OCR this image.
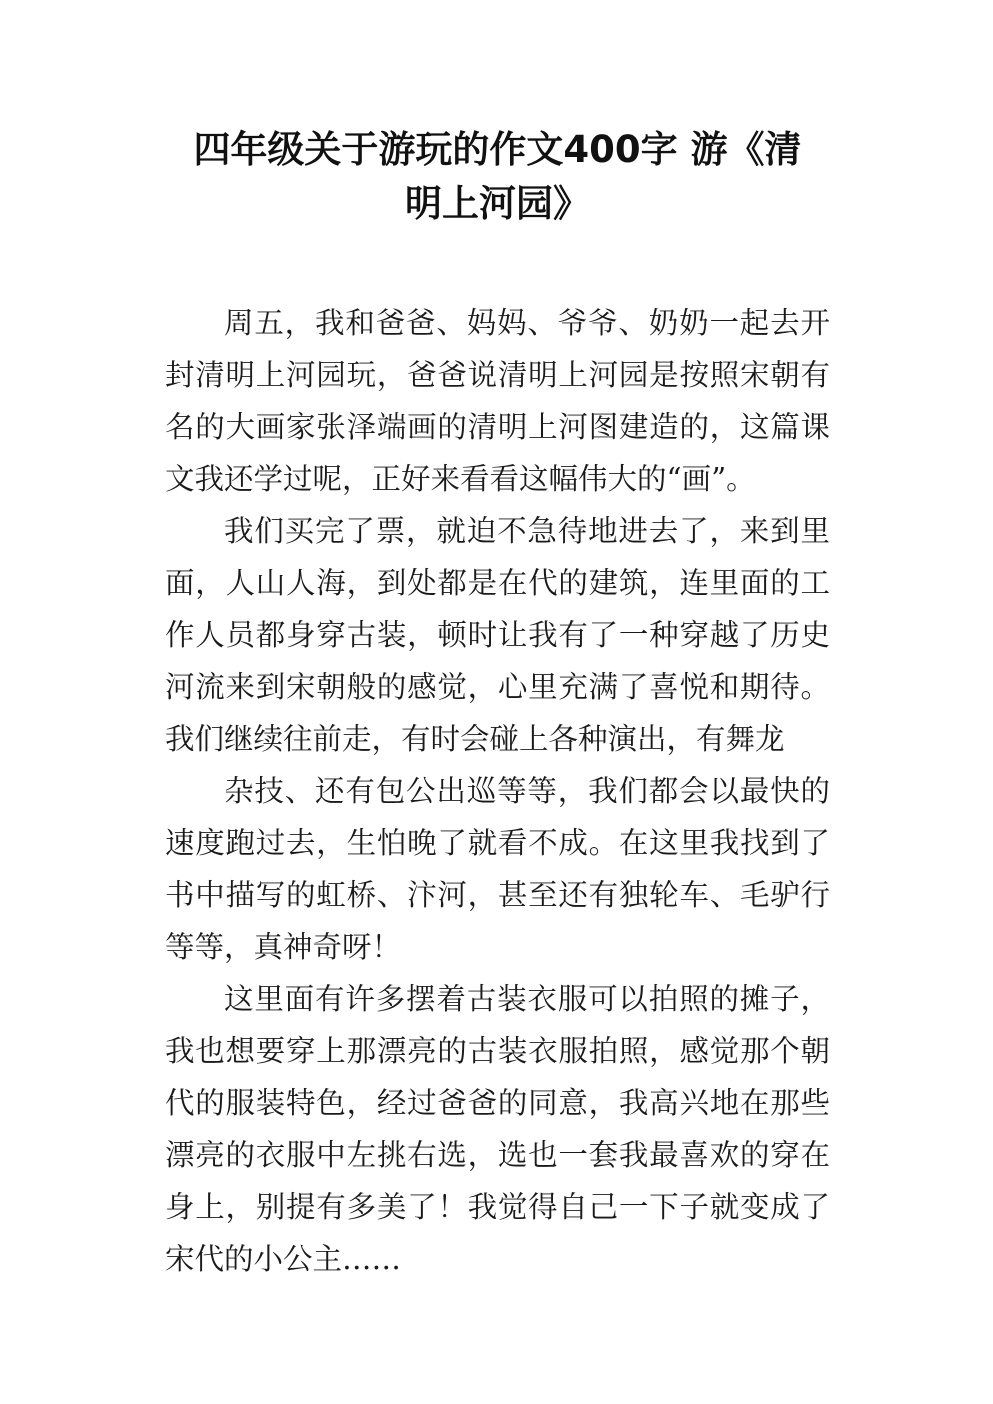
四年级关于游玩的作文400字 游《清
明上河园》
周五，我和爸爸、妈妈、爷爷、奶奶一起去开
封清明上河园玩，爸爸说清明上河园是按照宋朝有
名的大画家张泽端画的清明上河图建造的，这篇课
文我还学过呢，正好来看看这幅伟大的“画”。
我们买完了票，就迫不急待地进去了，来到里
面，人山人海，到处都是在代的建筑，连里面的工
作人员都身穿古装，顿时让我有了一种穿越了历史
河流来到宋朝般的感觉，心里充满了喜悦和期待。
我们继续往前走，有时会碰上各种演出，有舞龙
杂技、还有包公出巡等等，我们都会以最快的
速度跑过去，生怕晚了就看不成。在这里我找到了
书中描写的虹桥、汴河，甚至还有独轮车、毛驴行
等等，真神奇呀！
这里面有许多摆着古装衣服可以拍照的摊子，
我也想要穿上那漂亮的古装衣服拍照，感觉那个朝
代的服装特色，经过爸爸的同意，我高兴地在那些
漂亮的衣服中左挑右选，选也一套我最喜欢的穿在
身上，别提有多美了！我觉得自己一下子就变成了
宋代的小公主……
